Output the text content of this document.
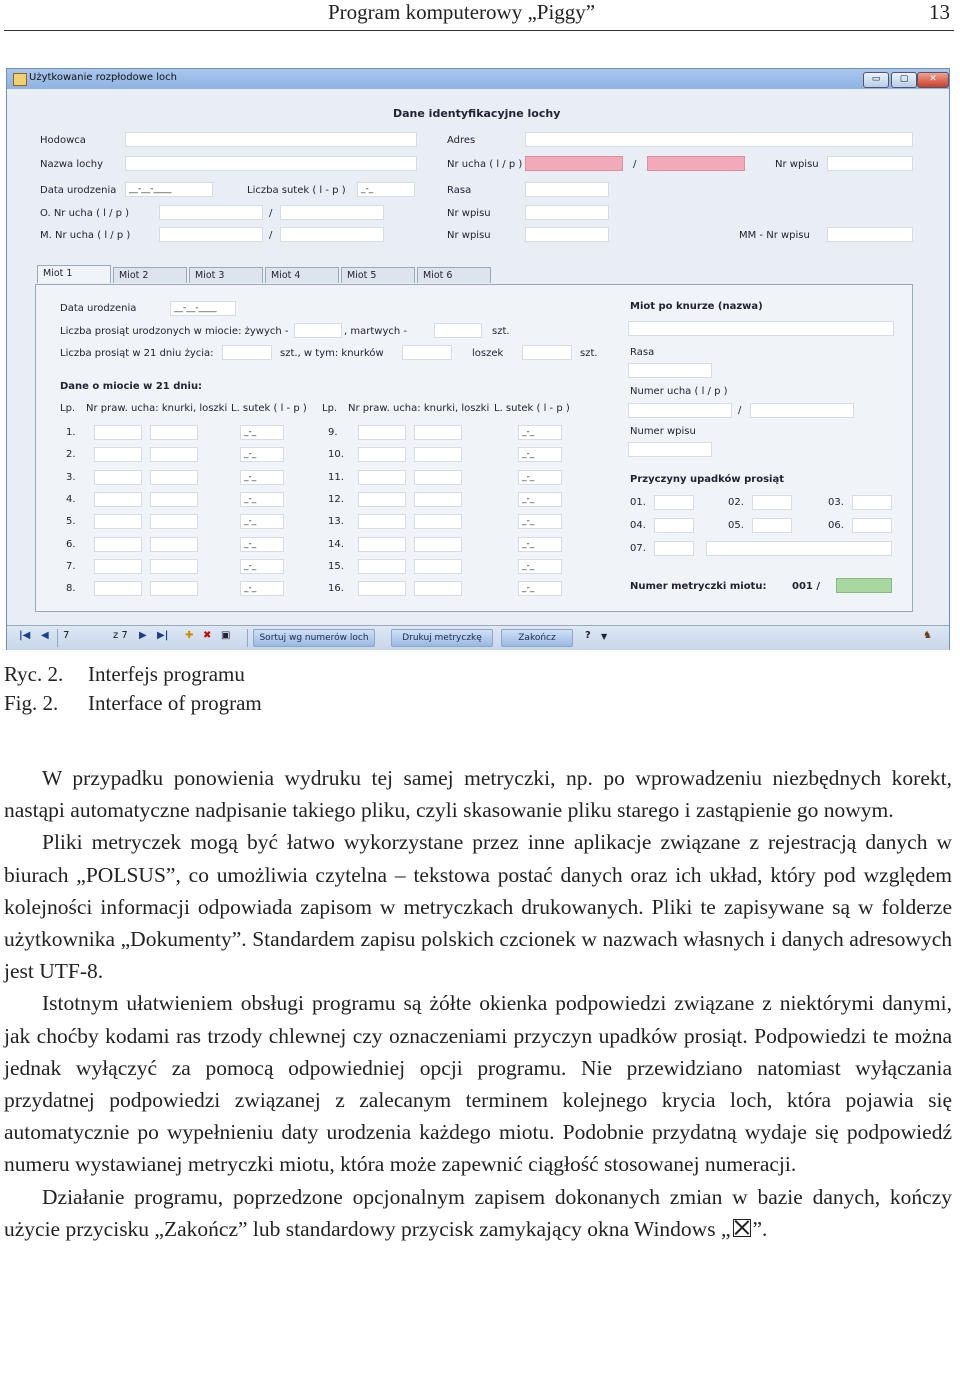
Program komputerowy „Piggy”	13
Użytkowanie rozpłodowe loch	▭	▢	✕
Dane identyfikacyjne lochy
Hodowca
Nazwa lochy
Data urodzenia	__-__-____	Liczba sutek ( l - p )	_-_
O. Nr ucha ( l / p )	/
M. Nr ucha ( l / p )	/
Adres
Nr ucha ( l / p )	/	Nr wpisu
Rasa
Nr wpisu
Nr wpisu	MM - Nr wpisu
Miot 1	Miot 2	Miot 3	Miot 4	Miot 5	Miot 6
Data urodzenia	__-__-____
Liczba prosiąt urodzonych w miocie: żywych -	, martwych -	szt.
Liczba prosiąt w 21 dniu życia:	szt., w tym: knurków	loszek	szt.
Dane o miocie w 21 dniu:
Lp. Nr praw. ucha: knurki, loszki L. sutek ( l - p ) Lp. Nr praw. ucha: knurki, loszki L. sutek ( l - p )
1.	_-_	9.	_-_
2.	_-_	10.	_-_
3.	_-_	11.	_-_
4.	_-_	12.	_-_
5.	_-_	13.	_-_
6.	_-_	14.	_-_
7.	_-_	15.	_-_
8.	_-_	16.	_-_
Miot po knurze (nazwa)
Rasa
Numer ucha ( l / p )
/
Numer wpisu
Przyczyny upadków prosiąt
01.	02.	03.
04.	05.	06.
07.
Numer metryczki miotu:	001 /
|◀ ◀ 7	z 7 ▶ ▶| ✚ ✖ ▣	Sortuj wg numerów loch	Drukuj metryczkę	Zakończ	? ▼	♞
Ryc. 2. Interfejs programu
Fig. 2. Interface of program

W przypadku ponowienia wydruku tej samej metryczki, np. po wprowadzeniu niezbędnych korekt, nastąpi automatyczne nadpisanie takiego pliku, czyli skasowanie pliku starego i zastąpienie go nowym.

Pliki metryczek mogą być łatwo wykorzystane przez inne aplikacje związane z rejestracją danych w biurach „POLSUS”, co umożliwia czytelna – tekstowa postać danych oraz ich układ, który pod względem kolejności informacji odpowiada zapisom w metryczkach drukowanych. Pliki te zapisywane są w folderze użytkownika „Dokumenty”. Standardem zapisu polskich czcionek w nazwach własnych i danych adresowych jest UTF-8.

Istotnym ułatwieniem obsługi programu są żółte okienka podpowiedzi związane z niektórymi danymi, jak choćby kodami ras trzody chlewnej czy oznaczeniami przyczyn upadków prosiąt. Podpowiedzi te można jednak wyłączyć za pomocą odpowiedniej opcji programu. Nie przewidziano natomiast wyłączania przydatnej podpowiedzi związanej z zalecanym terminem kolejnego krycia loch, która pojawia się automatycznie po wypełnieniu daty urodzenia każdego miotu. Podobnie przydatną wydaje się podpowiedź numeru wystawianej metryczki miotu, która może zapewnić ciągłość stosowanej numeracji.

Działanie programu, poprzedzone opcjonalnym zapisem dokonanych zmian w bazie danych, kończy użycie przycisku „Zakończ” lub standardowy przycisk zamykający okna Windows „ ”.
